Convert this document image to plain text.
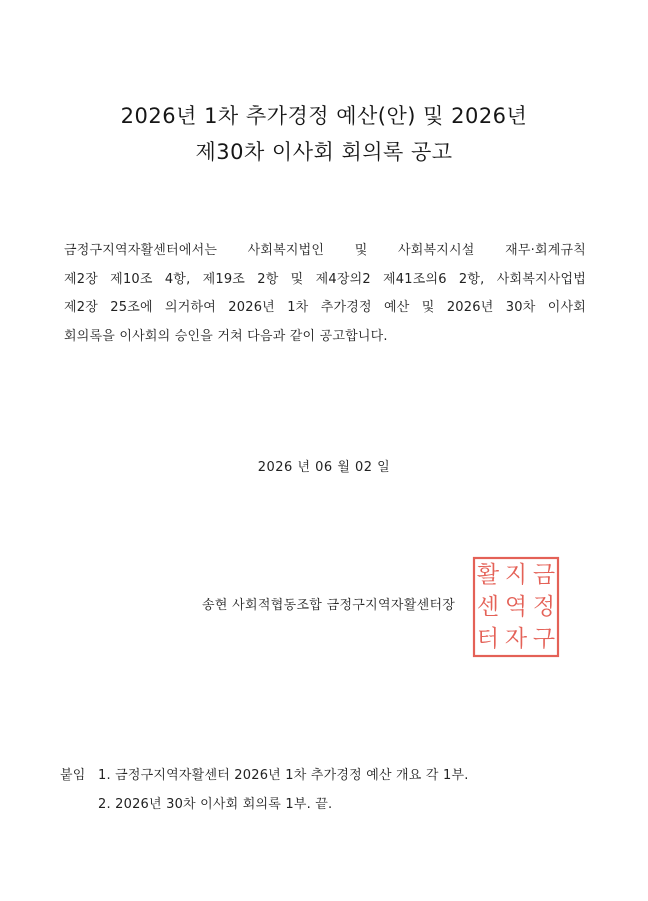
2026년 1차 추가경정 예산(안) 및 2026년
제30차 이사회 회의록 공고
금정구지역자활센터에서는 사회복지법인 및 사회복지시설 재무·회계규칙
제2장 제10조 4항, 제19조 2항 및 제4장의2 제41조의6 2항, 사회복지사업법
제2장 25조에 의거하여 2026년 1차 추가경정 예산 및 2026년 30차 이사회
회의록을 이사회의 승인을 거쳐 다음과 같이 공고합니다.
2026 년 06 월 02 일
송현 사회적협동조합 금정구지역자활센터장
금
정
구
지
역
자
활
센
터
붙임 1. 금정구지역자활센터 2026년 1차 추가경정 예산 개요 각 1부.
2. 2026년 30차 이사회 회의록 1부. 끝.
